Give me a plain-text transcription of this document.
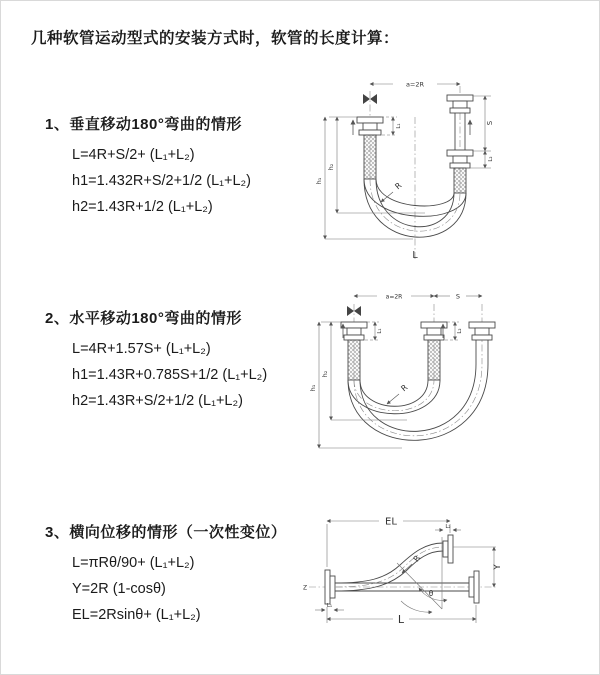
几种软管运动型式的安装方式时，软管的长度计算：
1、垂直移动180°弯曲的情形
L=4R+S/2+ (L₁+L₂)
h1=1.432R+S/2+1/2 (L₁+L₂)
h2=1.43R+1/2 (L₁+L₂)
2、水平移动180°弯曲的情形
L=4R+1.57S+ (L₁+L₂)
h1=1.43R+0.785S+1/2 (L₁+L₂)
h2=1.43R+S/2+1/2 (L₁+L₂)
3、横向位移的情形（一次性变位）
L=πRθ/90+ (L₁+L₂)
Y=2R (1-cosθ)
EL=2Rsinθ+ (L₁+L₂)
a=2R
h₁
h₂
L₁
S
L₂
R
L
a=2R	S
h₁
h₂
L₁	L₂
R
Z
EL	L₂
Y
θ
R
L
L₁
